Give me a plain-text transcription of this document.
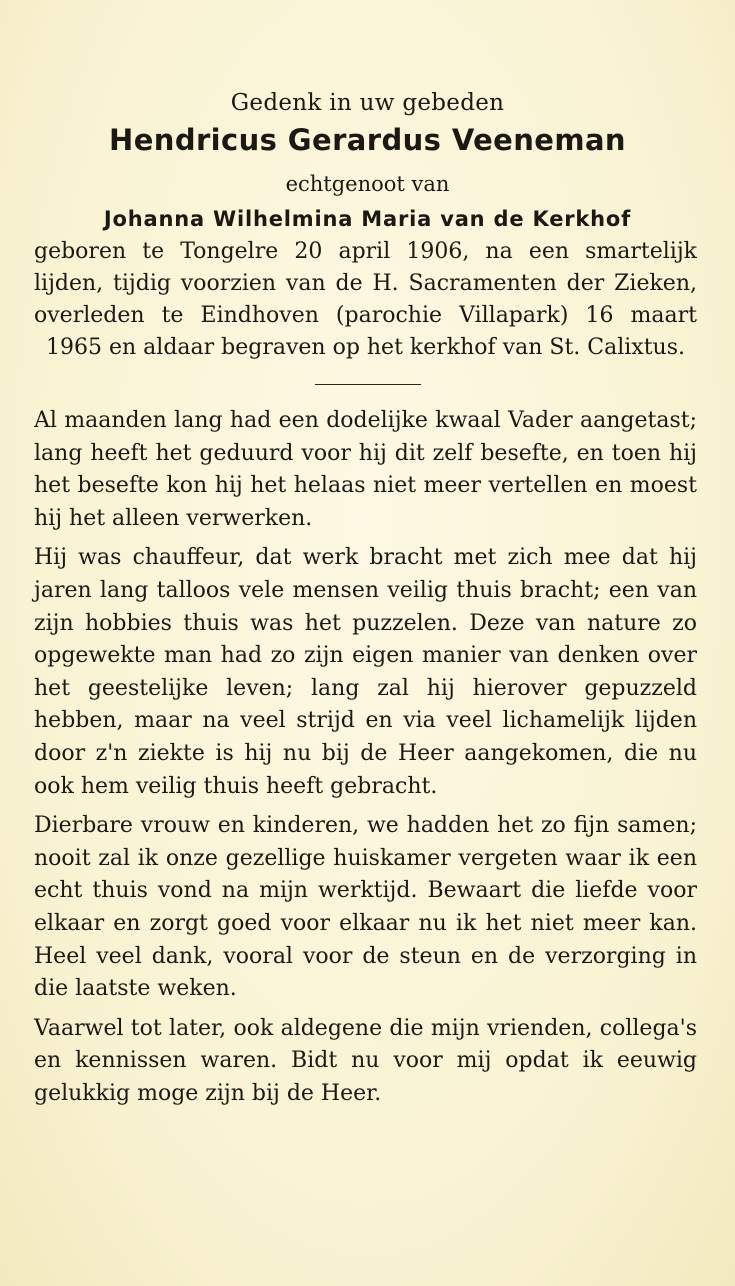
Gedenk in uw gebeden
Hendricus Gerardus Veeneman
echtgenoot van
Johanna Wilhelmina Maria van de Kerkhof
geboren te Tongelre 20 april 1906, na een smartelijk lijden, tijdig voorzien van de H. Sacramenten der Zieken, overleden te Eindhoven (parochie Villapark) 16 maart 1965 en aldaar begraven op het kerkhof van St. Calixtus.

Al maanden lang had een dodelijke kwaal Vader aangetast; lang heeft het geduurd voor hij dit zelf besefte, en toen hij het besefte kon hij het helaas niet meer vertellen en moest hij het alleen verwerken.

Hij was chauffeur, dat werk bracht met zich mee dat hij jaren lang talloos vele mensen veilig thuis bracht; een van zijn hobbies thuis was het puzzelen. Deze van nature zo opgewekte man had zo zijn eigen manier van denken over het geestelijke leven; lang zal hij hierover gepuzzeld hebben, maar na veel strijd en via veel lichamelijk lijden door z'n ziekte is hij nu bij de Heer aangekomen, die nu ook hem veilig thuis heeft gebracht.

Dierbare vrouw en kinderen, we hadden het zo fijn samen; nooit zal ik onze gezellige huiskamer vergeten waar ik een echt thuis vond na mijn werktijd. Bewaart die liefde voor elkaar en zorgt goed voor elkaar nu ik het niet meer kan. Heel veel dank, vooral voor de steun en de verzorging in die laatste weken.

Vaarwel tot later, ook aldegene die mijn vrienden, collega's en kennissen waren. Bidt nu voor mij opdat ik eeuwig gelukkig moge zijn bij de Heer.
